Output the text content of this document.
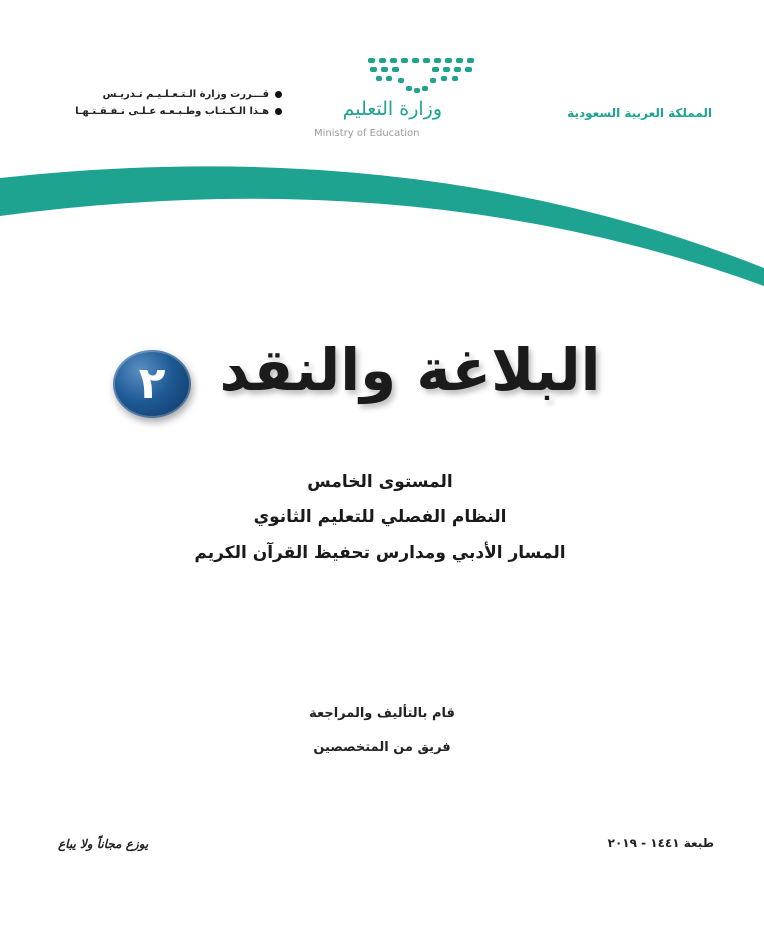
المملكة العربية السعودية
وزارة التعليم
Ministry of Education
قـــررت وزارة الـتـعـلـيـم تـدريـس
هـذا الـكـتـاب وطـبـعـه عـلـى نـفـقـتـهـا
البلاغة والنقد
٢
المستوى الخامس
النظام الفصلي للتعليم الثانوي
المسار الأدبي ومدارس تحفيظ القرآن الكريم
قام بالتأليف والمراجعة
فريق من المتخصصين
طبعة ١٤٤١ - ٢٠١٩
يوزع مجاناً ولا يباع
